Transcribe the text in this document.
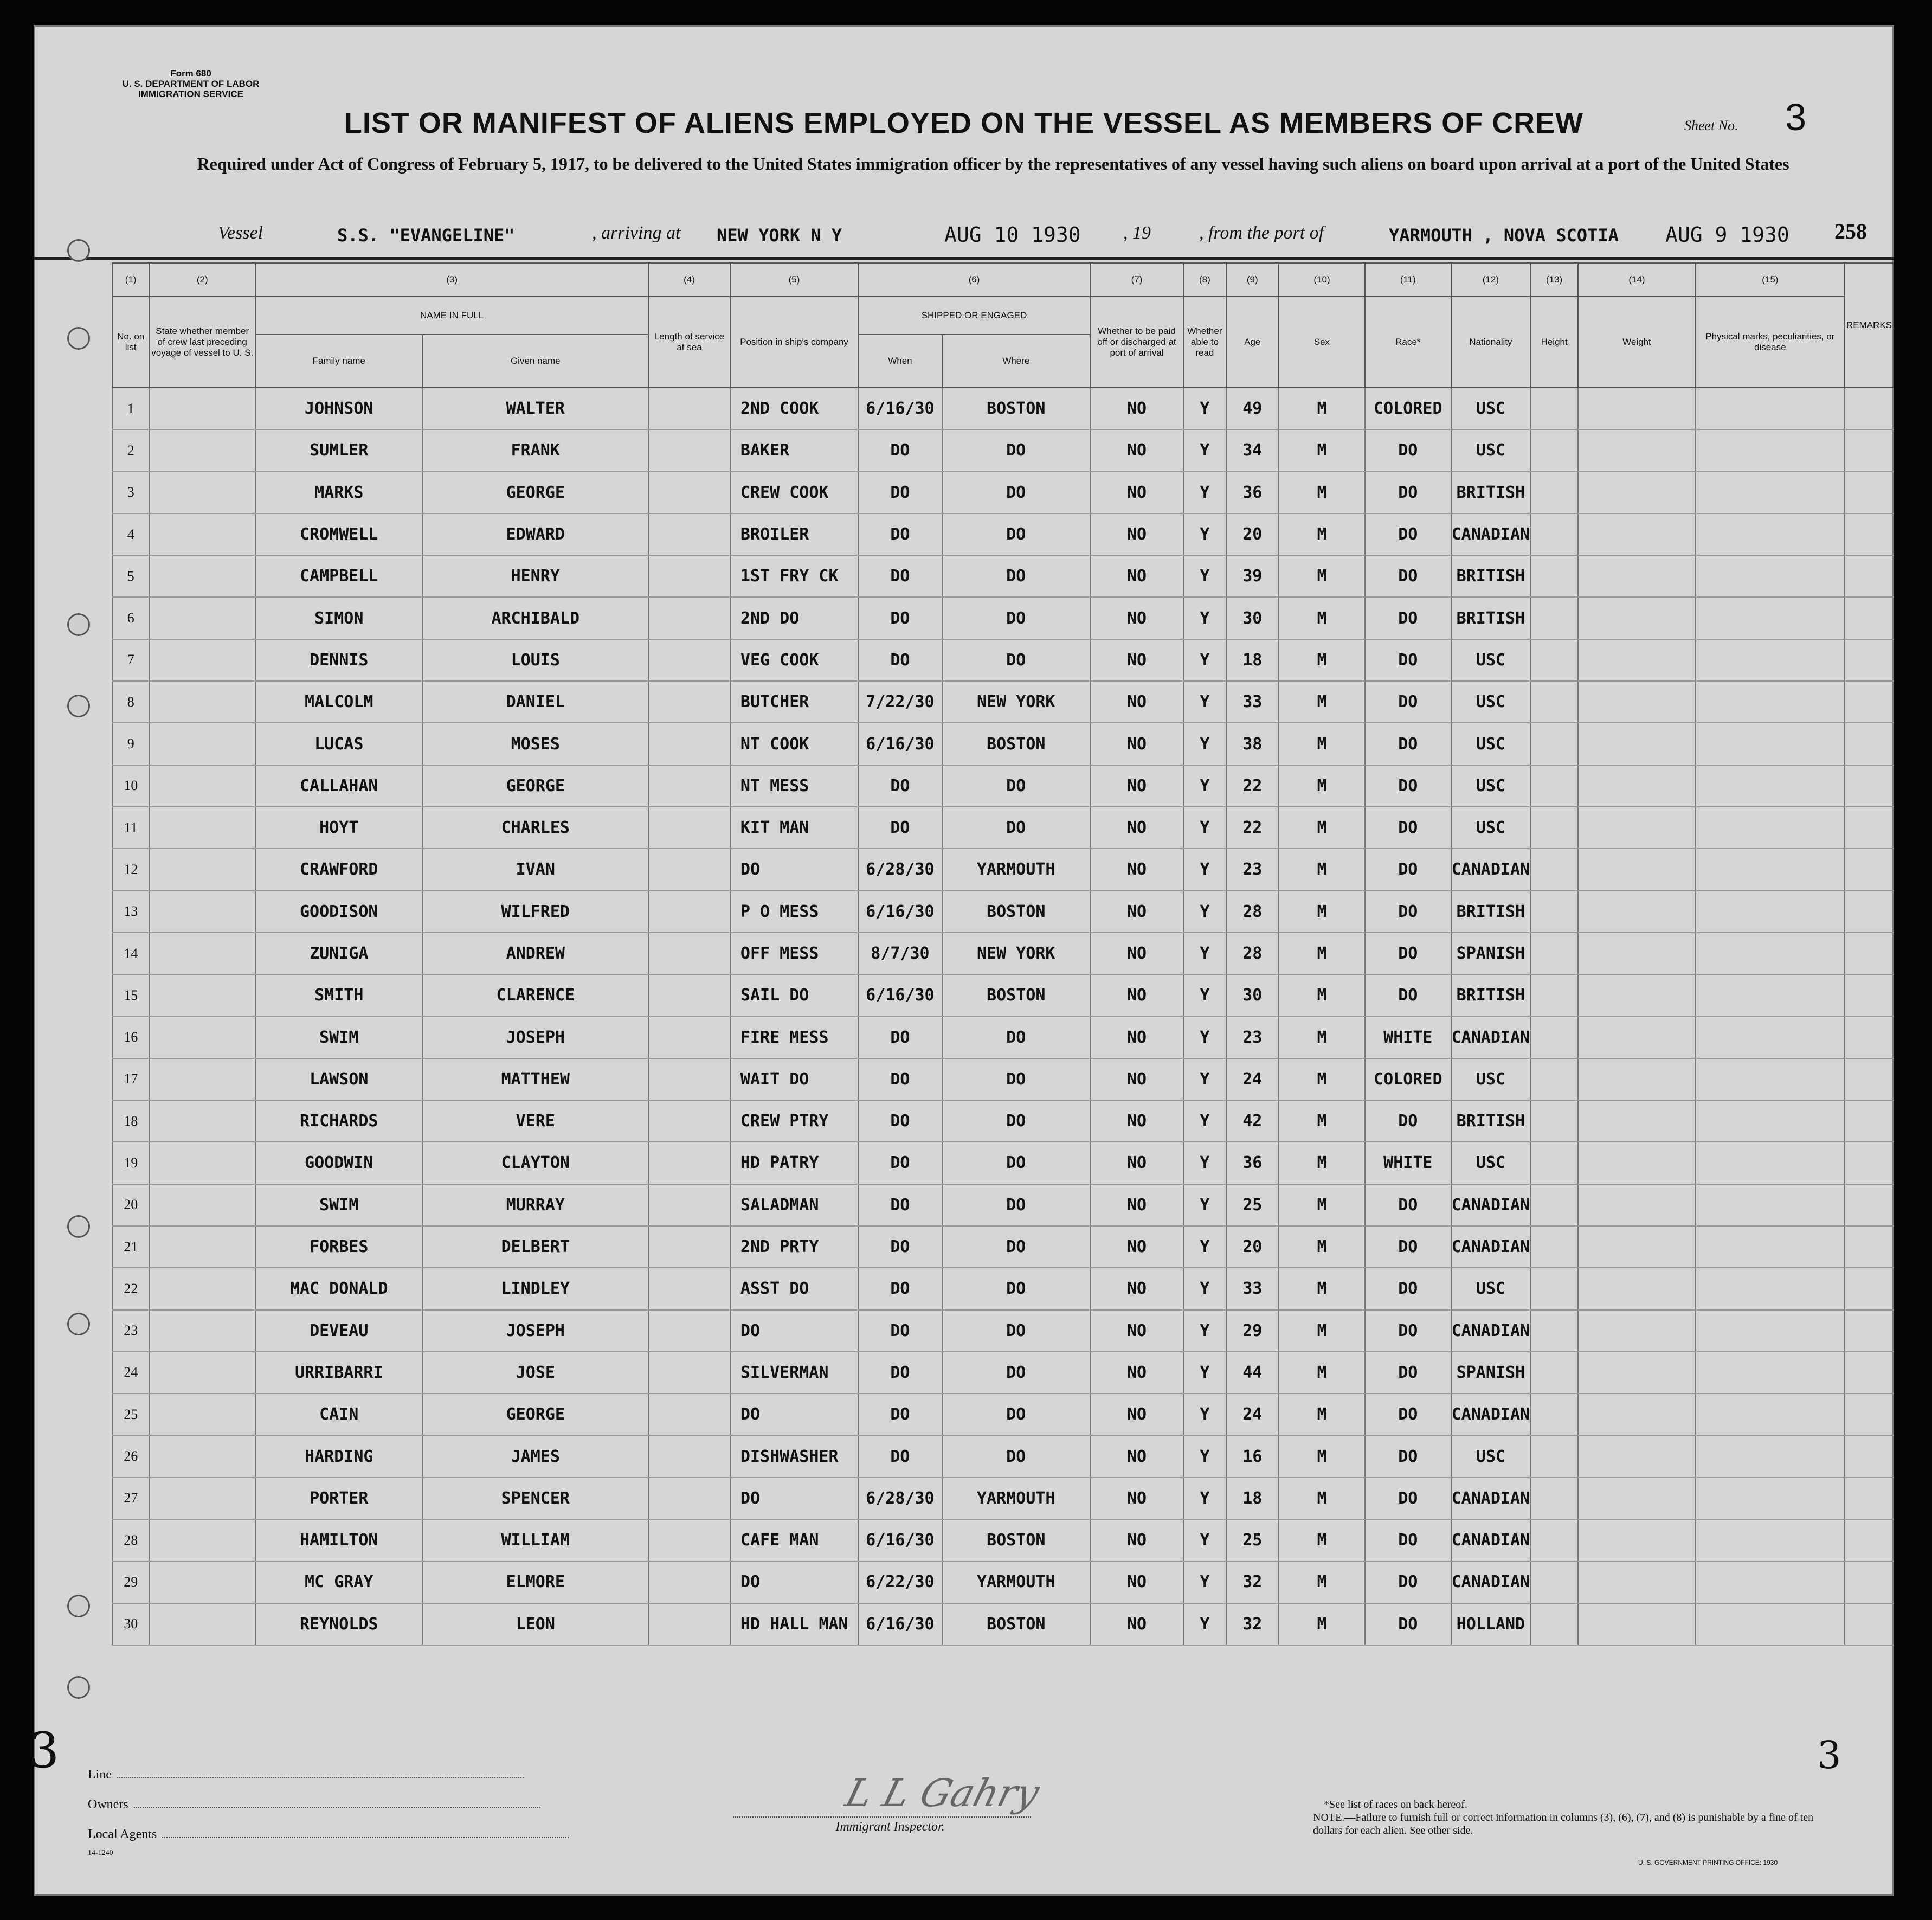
Form 680
U. S. DEPARTMENT OF LABOR
IMMIGRATION SERVICE
Sheet No. 3
LIST OR MANIFEST OF ALIENS EMPLOYED ON THE VESSEL AS MEMBERS OF CREW
Required under Act of Congress of February 5, 1917, to be delivered to the United States immigration officer by the representatives of any vessel having such aliens on board upon arrival at a port of the United States
Vessel	S.S. "EVANGELINE"	, arriving at NEW YORK N Y	AUG 10 1930 , 19	, from the port of	YARMOUTH , NOVA SCOTIA AUG 9 1930 258
(1)	(2)	(3)		(4)	(5)	(6)		(7)	(8)	(9)	(10)	(11)	(12)	(13)	(14)	(15)	REMARKS
No. on list	State whether member of crew last preceding voyage of vessel to U. S.	NAME IN FULL		Length of service at sea	Position in ship's company	SHIPPED OR ENGAGED		Whether to be paid off or discharged at port of arrival	Whether able to read	Age	Sex	Race*	Nationality	Height	Weight	Physical marks, peculiarities, or disease	
		Family name	Given name			When	Where										
1		JOHNSON	WALTER		2ND COOK	6/16/30	BOSTON	NO	Y	49	M	COLORED	USC				
2		SUMLER	FRANK		BAKER	DO	DO	NO	Y	34	M	DO	USC				
3		MARKS	GEORGE		CREW COOK	DO	DO	NO	Y	36	M	DO	BRITISH				
4		CROMWELL	EDWARD		BROILER	DO	DO	NO	Y	20	M	DO	CANADIAN				
5		CAMPBELL	HENRY		1ST FRY CK	DO	DO	NO	Y	39	M	DO	BRITISH				
6		SIMON	ARCHIBALD		2ND DO	DO	DO	NO	Y	30	M	DO	BRITISH				
7		DENNIS	LOUIS		VEG COOK	DO	DO	NO	Y	18	M	DO	USC				
8		MALCOLM	DANIEL		BUTCHER	7/22/30	NEW YORK	NO	Y	33	M	DO	USC				
9		LUCAS	MOSES		NT COOK	6/16/30	BOSTON	NO	Y	38	M	DO	USC				
10		CALLAHAN	GEORGE		NT MESS	DO	DO	NO	Y	22	M	DO	USC				
11		HOYT	CHARLES		KIT MAN	DO	DO	NO	Y	22	M	DO	USC				
12		CRAWFORD	IVAN		DO	6/28/30	YARMOUTH	NO	Y	23	M	DO	CANADIAN				
13		GOODISON	WILFRED		P O MESS	6/16/30	BOSTON	NO	Y	28	M	DO	BRITISH				
14		ZUNIGA	ANDREW		OFF MESS	8/7/30	NEW YORK	NO	Y	28	M	DO	SPANISH				
15		SMITH	CLARENCE		SAIL DO	6/16/30	BOSTON	NO	Y	30	M	DO	BRITISH				
16		SWIM	JOSEPH		FIRE MESS	DO	DO	NO	Y	23	M	WHITE	CANADIAN				
17		LAWSON	MATTHEW		WAIT DO	DO	DO	NO	Y	24	M	COLORED	USC				
18		RICHARDS	VERE		CREW PTRY	DO	DO	NO	Y	42	M	DO	BRITISH				
19		GOODWIN	CLAYTON		HD PATRY	DO	DO	NO	Y	36	M	WHITE	USC				
20		SWIM	MURRAY		SALADMAN	DO	DO	NO	Y	25	M	DO	CANADIAN				
21		FORBES	DELBERT		2ND PRTY	DO	DO	NO	Y	20	M	DO	CANADIAN				
22		MAC DONALD	LINDLEY		ASST DO	DO	DO	NO	Y	33	M	DO	USC				
23		DEVEAU	JOSEPH		DO	DO	DO	NO	Y	29	M	DO	CANADIAN				
24		URRIBARRI	JOSE		SILVERMAN	DO	DO	NO	Y	44	M	DO	SPANISH				
25		CAIN	GEORGE		DO	DO	DO	NO	Y	24	M	DO	CANADIAN				
26		HARDING	JAMES		DISHWASHER	DO	DO	NO	Y	16	M	DO	USC				
27		PORTER	SPENCER		DO	6/28/30	YARMOUTH	NO	Y	18	M	DO	CANADIAN				
28		HAMILTON	WILLIAM		CAFE MAN	6/16/30	BOSTON	NO	Y	25	M	DO	CANADIAN				
29		MC GRAY	ELMORE		DO	6/22/30	YARMOUTH	NO	Y	32	M	DO	CANADIAN				
30		REYNOLDS	LEON		HD HALL MAN	6/16/30	BOSTON	NO	Y	32	M	DO	HOLLAND				
3	3
Line
Owners
Local Agents
14-1240
L L Gahry
Immigrant Inspector.
*See list of races on back hereof.
NOTE.—Failure to furnish full or correct information in columns (3), (6), (7), and (8) is punishable by a fine of ten dollars for each alien. See other side.
U. S. GOVERNMENT PRINTING OFFICE: 1930
